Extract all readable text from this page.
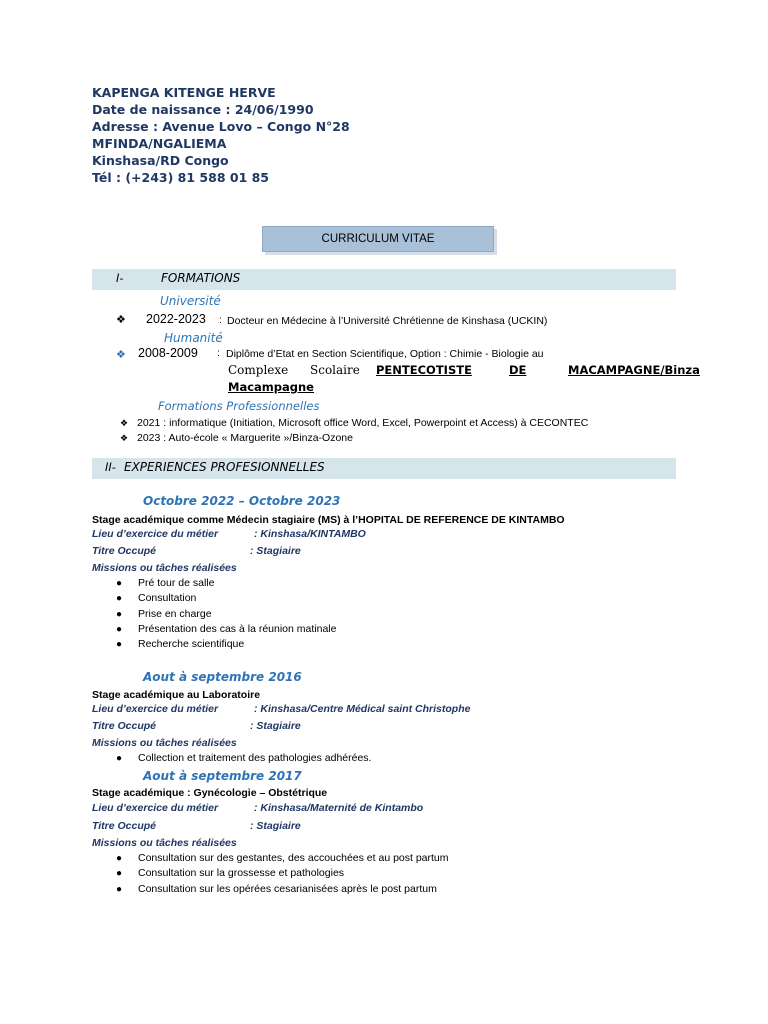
KAPENGA KITENGE HERVE
Date de naissance : 24/06/1990
Adresse : Avenue Lovo – Congo N°28
MFINDA/NGALIEMA
Kinshasa/RD Congo
Tél : (+243) 81 588 01 85
CURRICULUM VITAE
I-	FORMATIONS
Université
❖ 2022-2023 : Docteur en Médecine à l’Université Chrétienne de Kinshasa (UCKIN)
Humanité
❖ 2008-2009 : Diplôme d’Etat en Section Scientifique, Option : Chimie - Biologie au
Complexe Scolaire PENTECOTISTE	DE	MACAMPAGNE/Binza
Macampagne
Formations Professionnelles
❖ 2021 : informatique (Initiation, Microsoft office Word, Excel, Powerpoint et Access) à CECONTEC
❖ 2023 : Auto-école « Marguerite »/Binza-Ozone
II- EXPERIENCES PROFESIONNELLES
Octobre 2022 – Octobre 2023
Stage académique comme Médecin stagiaire (MS) à l’HOPITAL DE REFERENCE DE KINTAMBO
Lieu d’exercice du métier	: Kinshasa/KINTAMBO
Titre Occupé	: Stagiaire
Missions ou tâches réalisées
● Pré tour de salle
● Consultation
● Prise en charge
● Présentation des cas à la réunion matinale
● Recherche scientifique
Aout à septembre 2016
Stage académique au Laboratoire
Lieu d’exercice du métier	: Kinshasa/Centre Médical saint Christophe
Titre Occupé	: Stagiaire
Missions ou tâches réalisées
● Collection et traitement des pathologies adhérées.
Aout à septembre 2017
Stage académique : Gynécologie – Obstétrique
Lieu d’exercice du métier	: Kinshasa/Maternité de Kintambo
Titre Occupé	: Stagiaire
Missions ou tâches réalisées
● Consultation sur des gestantes, des accouchées et au post partum
● Consultation sur la grossesse et pathologies
● Consultation sur les opérées cesarianisées après le post partum
